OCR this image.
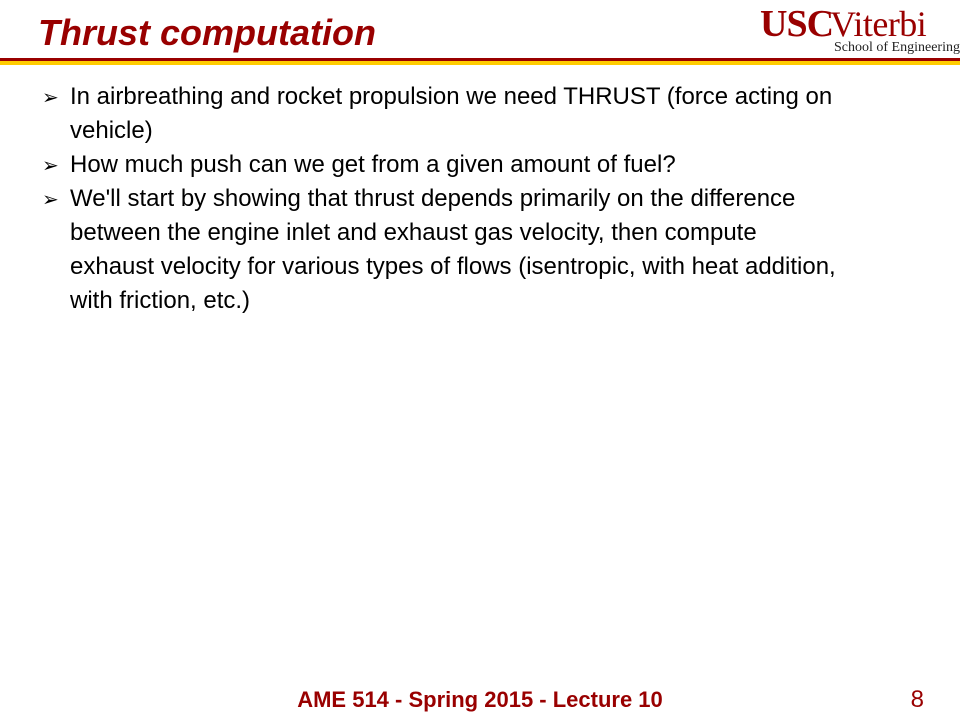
Thrust computation	USC
Viterbi
School of Engineering
➢ In airbreathing and rocket propulsion we need THRUST (force acting on vehicle)
➢ How much push can we get from a given amount of fuel?
➢ We'll start by showing that thrust depends primarily on the difference between the engine inlet and exhaust gas velocity, then compute exhaust velocity for various types of flows (isentropic, with heat addition, with friction, etc.)
AME 514 - Spring 2015 - Lecture 10	8
